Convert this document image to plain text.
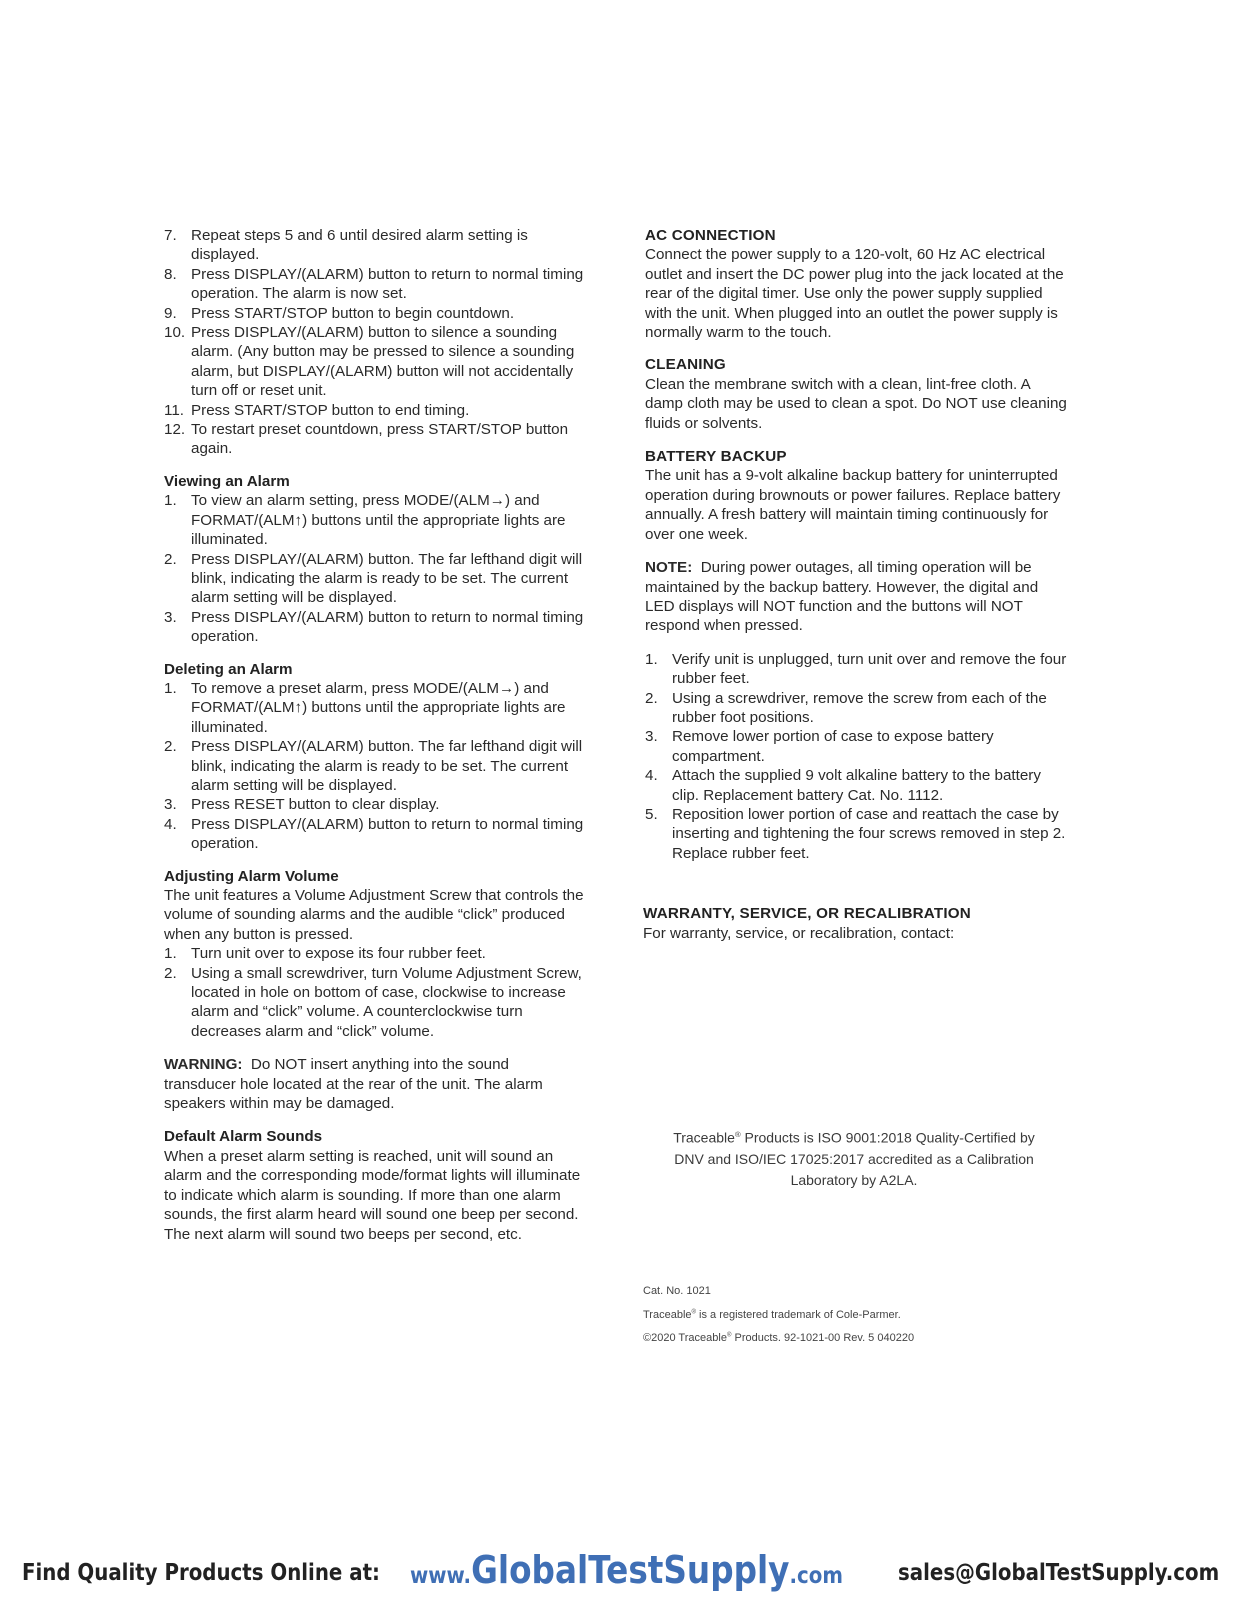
7. Repeat steps 5 and 6 until desired alarm setting is displayed.
8. Press DISPLAY/(ALARM) button to return to normal timing operation. The alarm is now set.
9. Press START/STOP button to begin countdown.
10. Press DISPLAY/(ALARM) button to silence a sounding alarm. (Any button may be pressed to silence a sounding alarm, but DISPLAY/(ALARM) button will not accidentally turn off or reset unit.
11. Press START/STOP button to end timing.
12. To restart preset countdown, press START/STOP button again.
Viewing an Alarm
1. To view an alarm setting, press MODE/(ALM→) and FORMAT/(ALM↑) buttons until the appropriate lights are illuminated.
2. Press DISPLAY/(ALARM) button. The far lefthand digit will blink, indicating the alarm is ready to be set. The current alarm setting will be displayed.
3. Press DISPLAY/(ALARM) button to return to normal timing operation.
Deleting an Alarm
1. To remove a preset alarm, press MODE/(ALM→) and FORMAT/(ALM↑) buttons until the appropriate lights are illuminated.
2. Press DISPLAY/(ALARM) button. The far lefthand digit will blink, indicating the alarm is ready to be set. The current alarm setting will be displayed.
3. Press RESET button to clear display.
4. Press DISPLAY/(ALARM) button to return to normal timing operation.
Adjusting Alarm Volume

The unit features a Volume Adjustment Screw that controls the volume of sounding alarms and the audible “click” produced when any button is pressed.

1. Turn unit over to expose its four rubber feet.
2. Using a small screwdriver, turn Volume Adjustment Screw, located in hole on bottom of case, clockwise to increase alarm and “click” volume. A counterclockwise turn decreases alarm and “click” volume.

WARNING: Do NOT insert anything into the sound transducer hole located at the rear of the unit. The alarm speakers within may be damaged.

Default Alarm Sounds

When a preset alarm setting is reached, unit will sound an alarm and the corresponding mode/format lights will illuminate to indicate which alarm is sounding. If more than one alarm sounds, the first alarm heard will sound one beep per second. The next alarm will sound two beeps per second, etc.

AC CONNECTION

Connect the power supply to a 120-volt, 60 Hz AC electrical outlet and insert the DC power plug into the jack located at the rear of the digital timer. Use only the power supply supplied with the unit. When plugged into an outlet the power supply is normally warm to the touch.

CLEANING

Clean the membrane switch with a clean, lint-free cloth. A damp cloth may be used to clean a spot. Do NOT use cleaning fluids or solvents.

BATTERY BACKUP

The unit has a 9-volt alkaline backup battery for uninterrupted operation during brownouts or power failures. Replace battery annually. A fresh battery will maintain timing continuously for over one week.

NOTE: During power outages, all timing operation will be maintained by the backup battery. However, the digital and LED displays will NOT function and the buttons will NOT respond when pressed.

1. Verify unit is unplugged, turn unit over and remove the four rubber feet.
2. Using a screwdriver, remove the screw from each of the rubber foot positions.
3. Remove lower portion of case to expose battery compartment.
4. Attach the supplied 9 volt alkaline battery to the battery clip. Replacement battery Cat. No. 1112.
5. Reposition lower portion of case and reattach the case by inserting and tightening the four screws removed in step 2. Replace rubber feet.
WARRANTY, SERVICE, OR RECALIBRATION

For warranty, service, or recalibration, contact:

Traceable® Products is ISO 9001:2018 Quality-Certified by DNV and ISO/IEC 17025:2017 accredited as a Calibration Laboratory by A2LA.
Cat. No. 1021
Traceable® is a registered trademark of Cole-Parmer.
©2020 Traceable® Products. 92-1021-00 Rev. 5 040220
Find Quality Products Online at: www.GlobalTestSupply.com sales@GlobalTestSupply.com
